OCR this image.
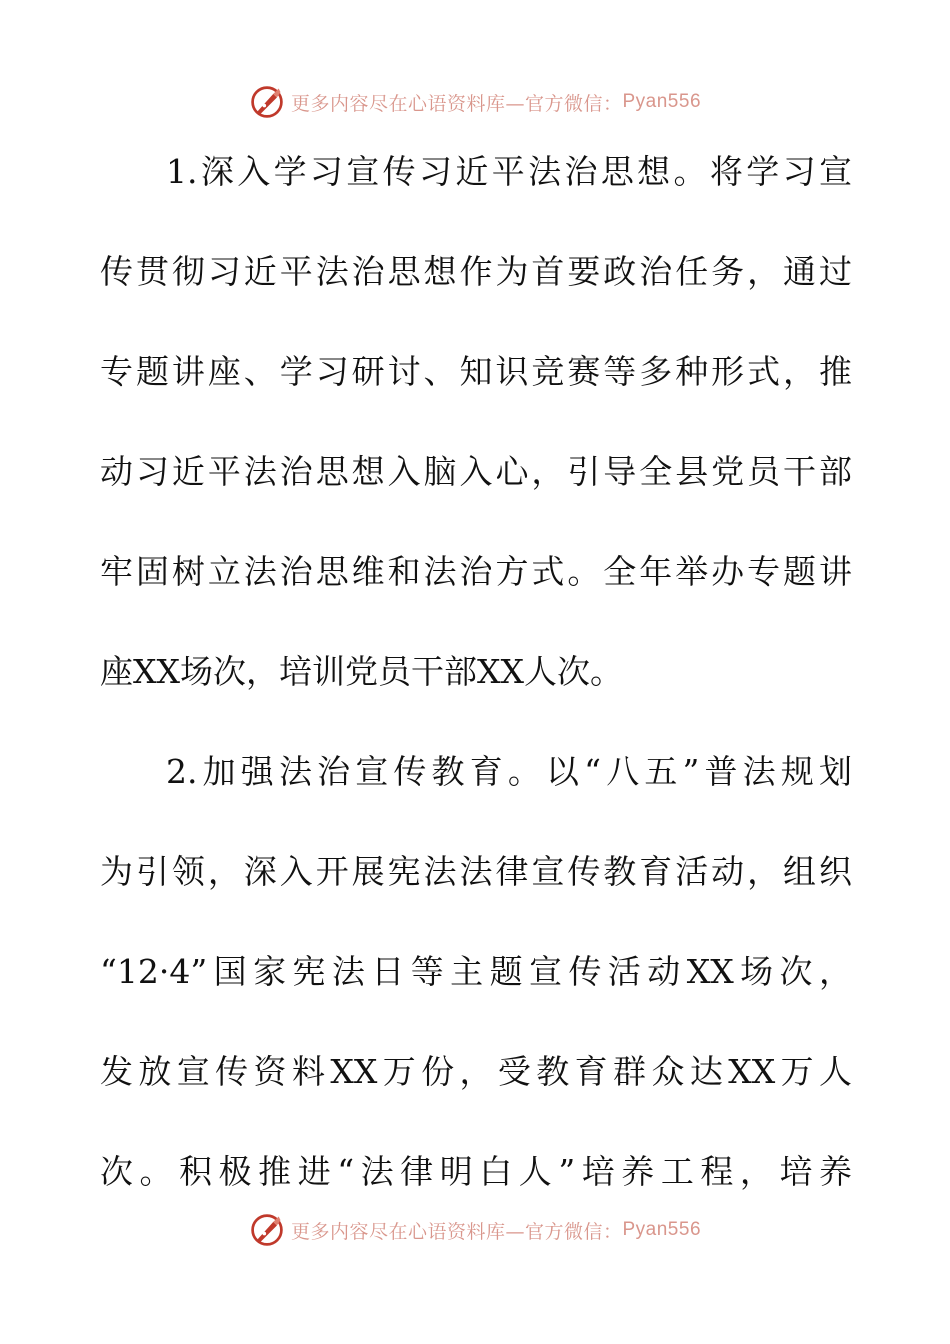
更多内容尽在心语资料库—官方微信： Pyan556
1.深入学习宣传习近平法治思想。将学习宣
传贯彻习近平法治思想作为首要政治任务，通过
专题讲座、学习研讨、知识竞赛等多种形式，推
动习近平法治思想入脑入心，引导全县党员干部
牢固树立法治思维和法治方式。全年举办专题讲
座XX场次，培训党员干部XX人次。
2.加强法治宣传教育。以“八五”普法规划
为引领，深入开展宪法法律宣传教育活动，组织
“12·4”国家宪法日等主题宣传活动XX场次，
发放宣传资料XX万份，受教育群众达XX万人
次。积极推进“法律明白人”培养工程，培养
更多内容尽在心语资料库—官方微信： Pyan556
